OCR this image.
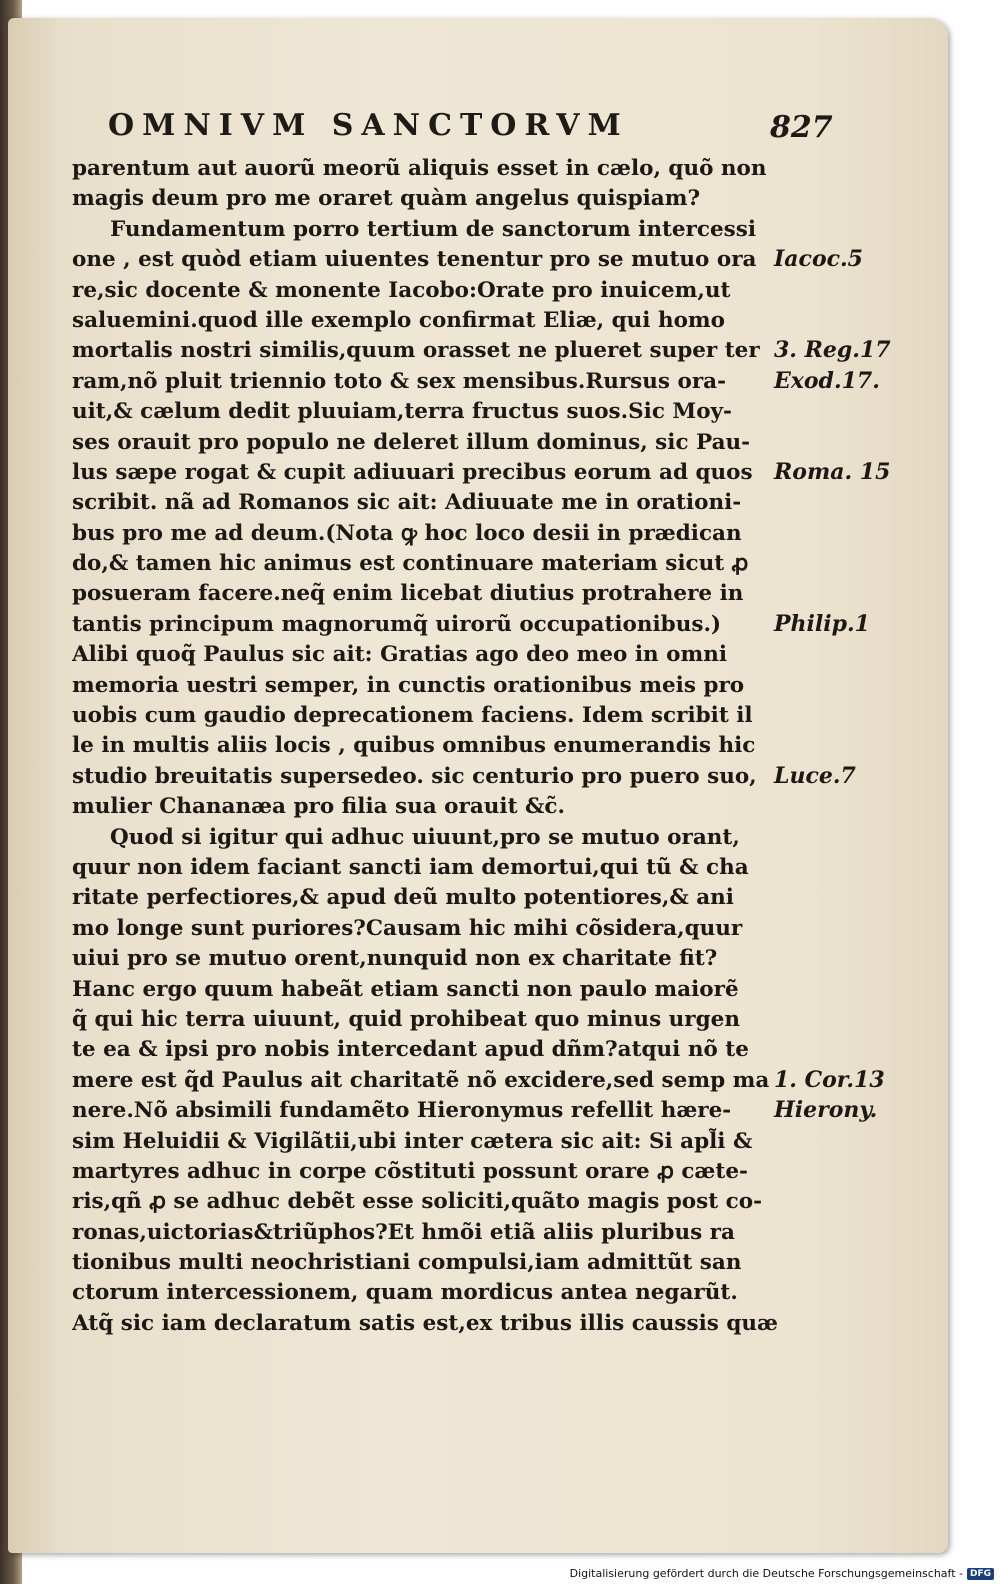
OMNIVM SANCTORVM	827
parentum aut auorũ meorũ aliquis esset in cælo, quõ non
magis deum pro me oraret quàm angelus quispiam?
Fundamentum porro tertium de sanctorum intercessi
one , est quòd etiam uiuentes tenentur pro se mutuo ora
re,sic docente & monente Iacobo:Orate pro inuicem,ut
saluemini.quod ille exemplo confirmat Eliæ, qui homo
mortalis nostri similis,quum orasset ne plueret super ter
ram,nõ pluit triennio toto & sex mensibus.Rursus ora-
uit,& cælum dedit pluuiam,terra fructus suos.Sic Moy-
ses orauit pro populo ne deleret illum dominus, sic Pau-
lus sæpe rogat & cupit adiuuari precibus eorum ad quos
scribit. nã ad Romanos sic ait: Adiuuate me in orationi-
bus pro me ad deum.(Nota ꝙ hoc loco desii in prædican
do,& tamen hic animus est continuare materiam sicut ꝓ
posueram facere.neq̃ enim licebat diutius protrahere in
tantis principum magnorumq̃ uirorũ occupationibus.)
Alibi quoq̃ Paulus sic ait: Gratias ago deo meo in omni
memoria uestri semper, in cunctis orationibus meis pro
uobis cum gaudio deprecationem faciens. Idem scribit il
le in multis aliis locis , quibus omnibus enumerandis hic
studio breuitatis supersedeo. sic centurio pro puero suo,
mulier Chananæa pro filia sua orauit &c̃.
Quod si igitur qui adhuc uiuunt,pro se mutuo orant,
quur non idem faciant sancti iam demortui,qui tũ & cha
ritate perfectiores,& apud deũ multo potentiores,& ani
mo longe sunt puriores?Causam hic mihi cõsidera,quur
uiui pro se mutuo orent,nunquid non ex charitate fit?
Hanc ergo quum habeãt etiam sancti non paulo maiorẽ
q̃ qui hic terra uiuunt, quid prohibeat quo minus urgen
te ea & ipsi pro nobis intercedant apud dñm?atqui nõ te
mere est q̃d Paulus ait charitatẽ nõ excidere,sed semp ma
nere.Nõ absimili fundamẽto Hieronymus refellit hære-
sim Heluidii & Vigilãtii,ubi inter cætera sic ait: Si apl̃i &
martyres adhuc in corpe cõstituti possunt orare ꝓ cæte-
ris,qñ ꝓ se adhuc debẽt esse soliciti,quãto magis post co-
ronas,uictorias&triũphos?Et hmõi etiã aliis pluribus ra
tionibus multi neochristiani compulsi,iam admittũt san
ctorum intercessionem, quam mordicus antea negarũt.
Atq̃ sic iam declaratum satis est,ex tribus illis caussis quæ
Iacoc.5
3. Reg.17
Exod.17.
Roma. 15
Philip.1
Luce.7
1. Cor.13
Hierony.
Digitalisierung gefördert durch die Deutsche Forschungsgemeinschaft - DFG
